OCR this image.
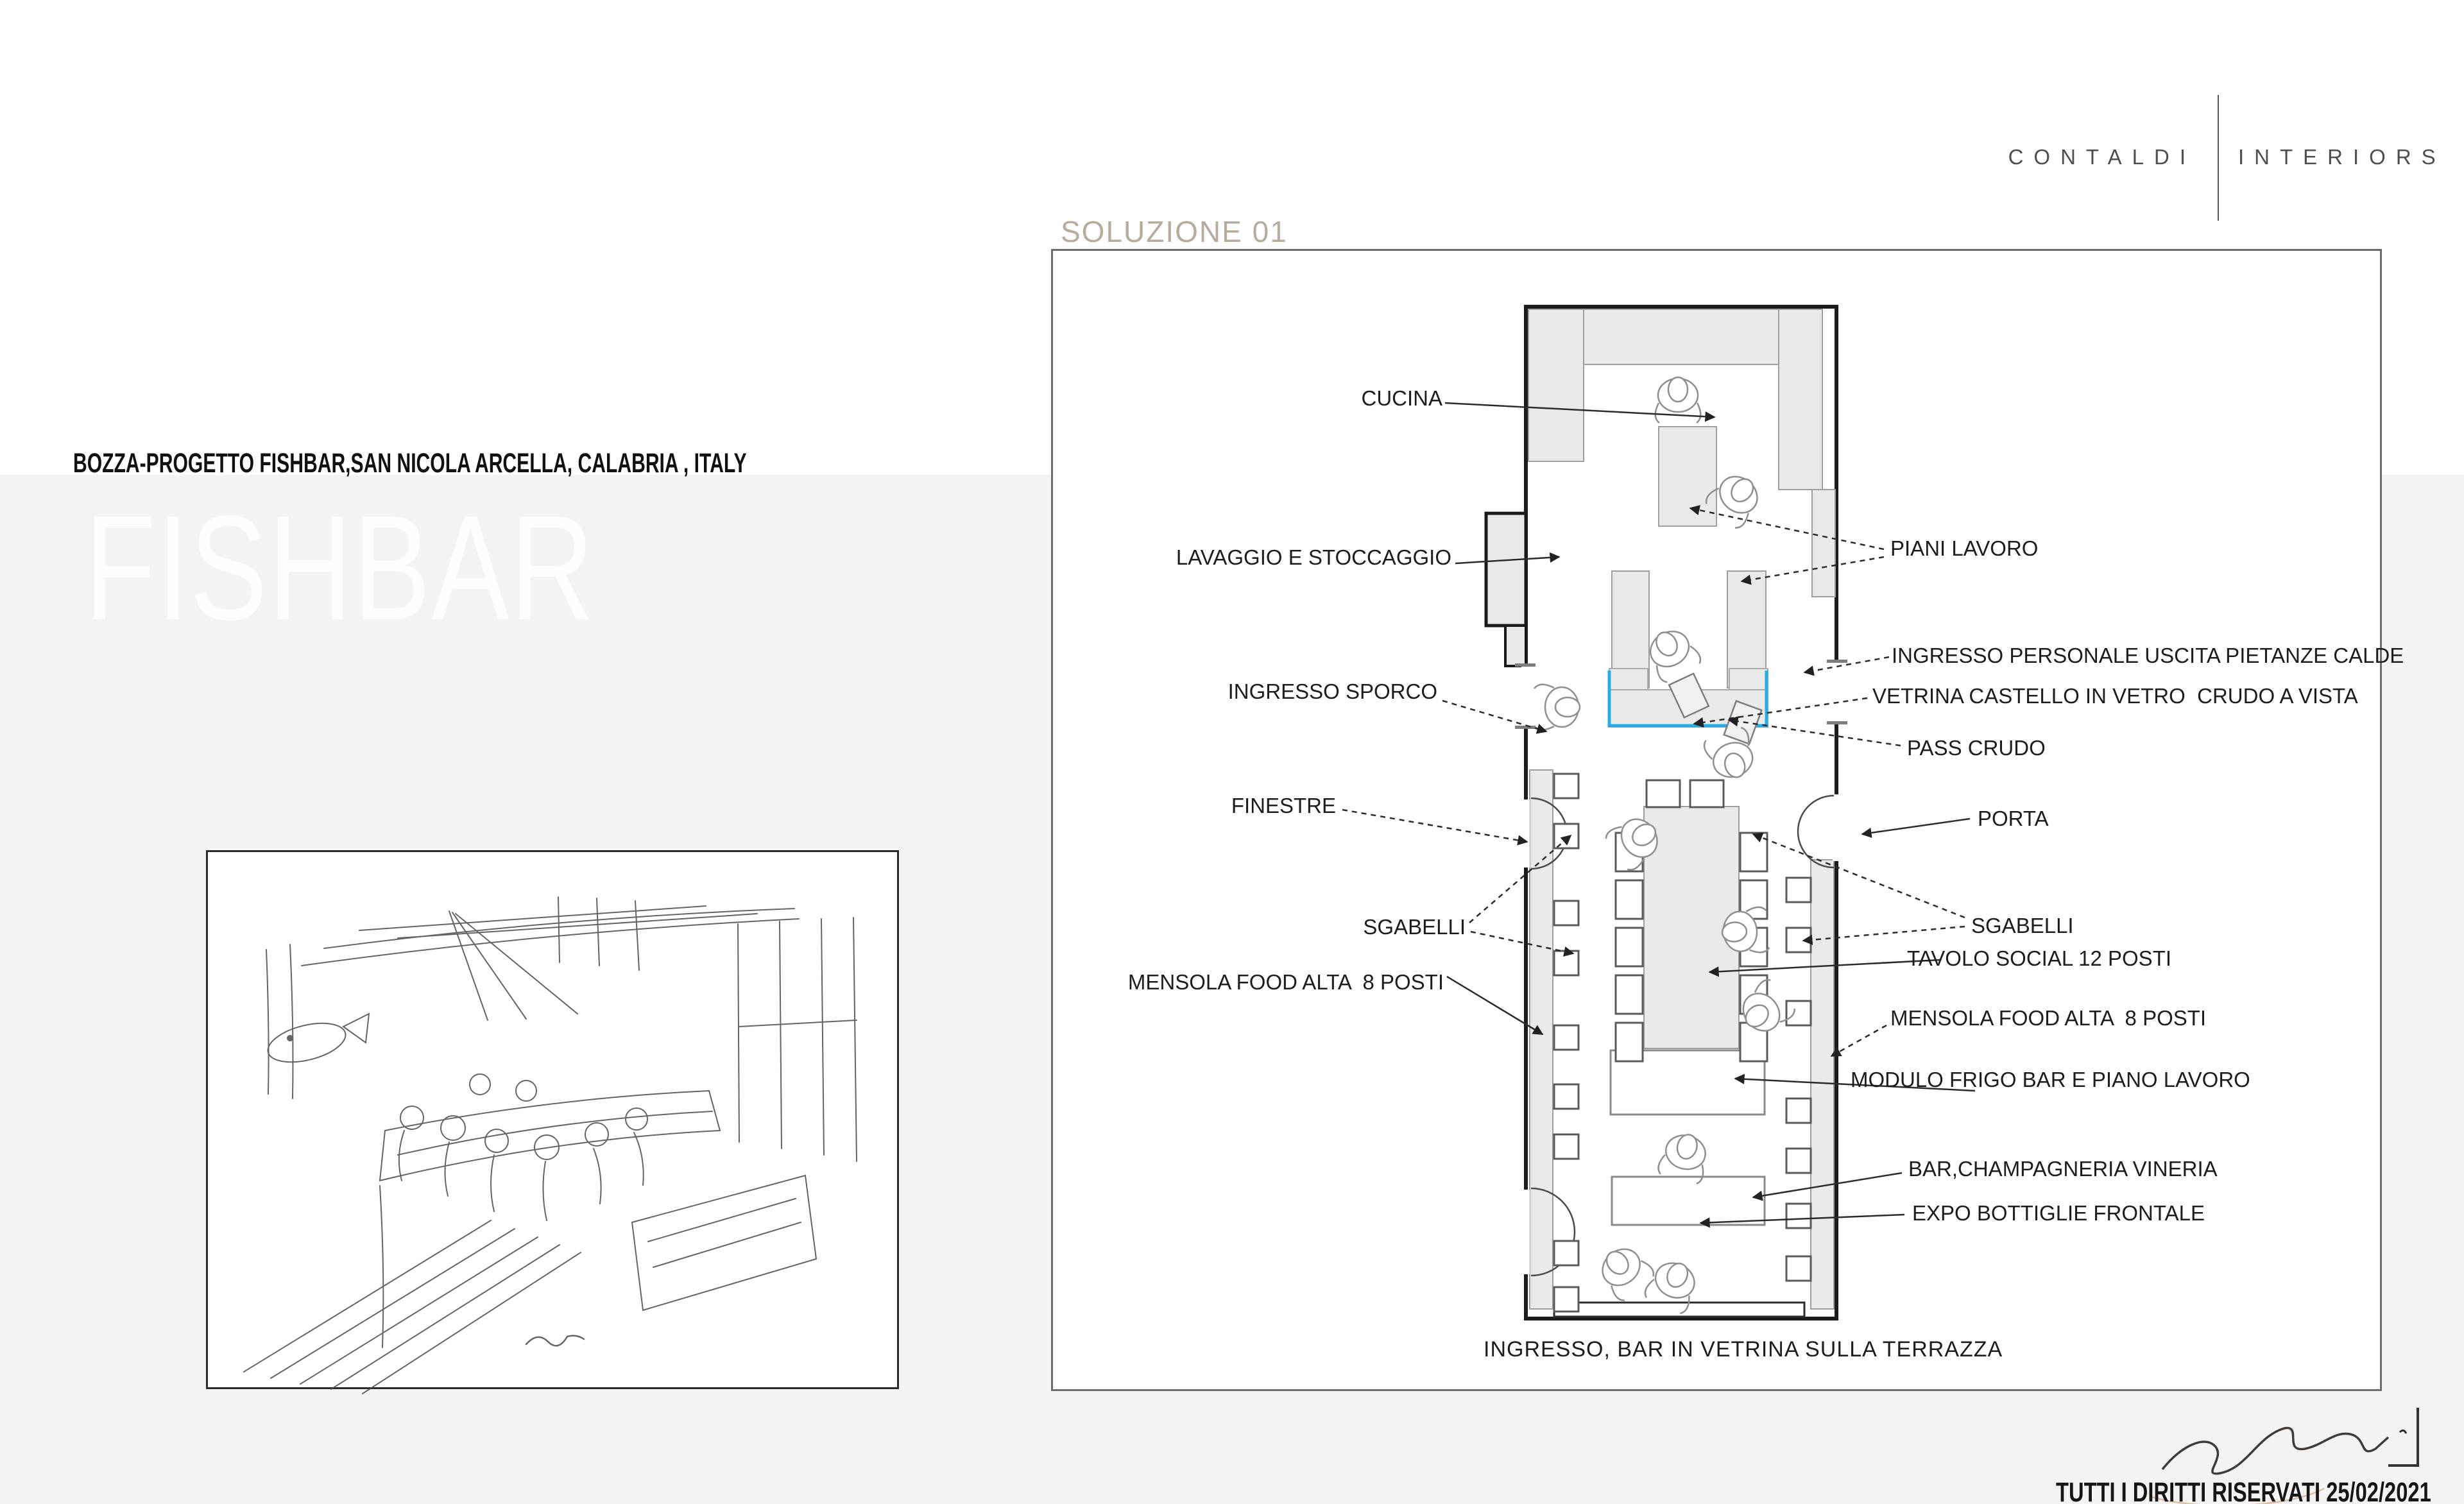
FISHBAR
BOZZA-PROGETTO FISHBAR,SAN NICOLA ARCELLA, CALABRIA , ITALY
CONTALDI INTERIORS
SOLUZIONE 01
CUCINA
LAVAGGIO E STOCCAGGIO
INGRESSO SPORCO
FINESTRE
SGABELLI
MENSOLA FOOD ALTA  8 POSTI
PIANI LAVORO
INGRESSO PERSONALE USCITA PIETANZE CALDE
VETRINA CASTELLO IN VETRO  CRUDO A VISTA
PASS CRUDO
PORTA
SGABELLI
TAVOLO SOCIAL 12 POSTI
MENSOLA FOOD ALTA  8 POSTI
MODULO FRIGO BAR E PIANO LAVORO
BAR,CHAMPAGNERIA VINERIA
EXPO BOTTIGLIE FRONTALE
INGRESSO, BAR IN VETRINA SULLA TERRAZZA
TUTTI I DIRITTI RISERVATI 25/02/2021
